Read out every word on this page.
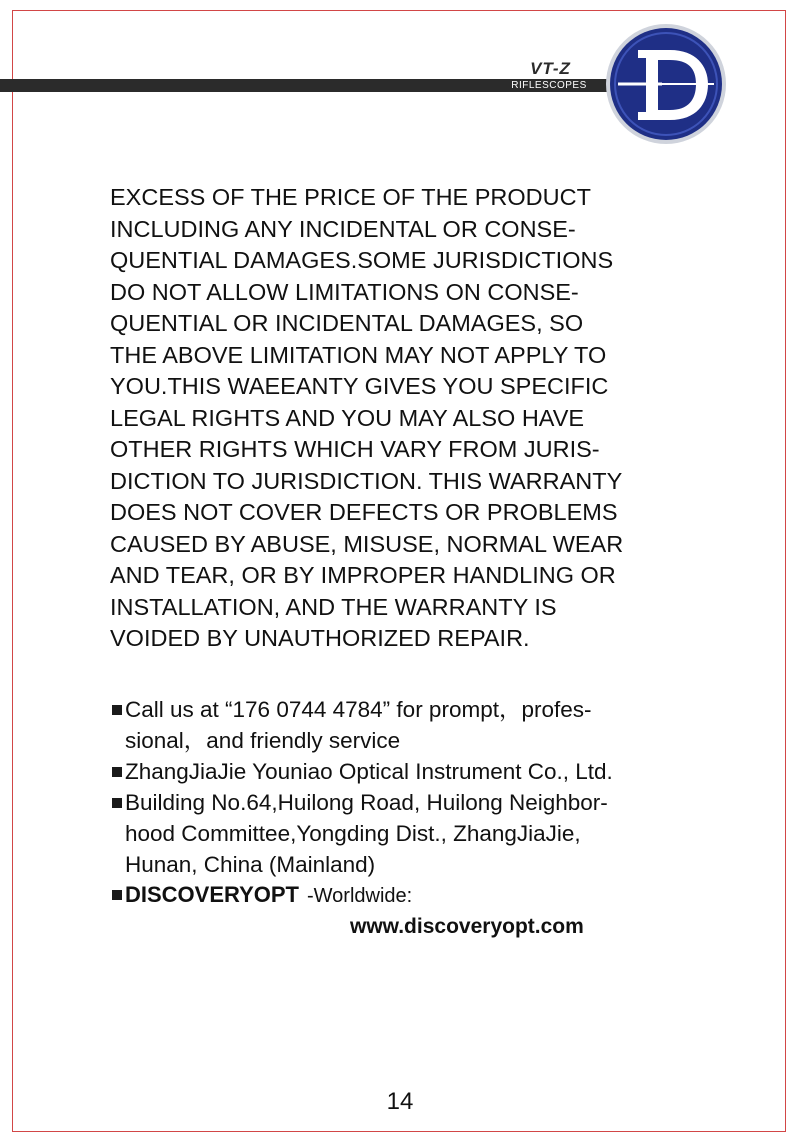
VT-Z
RIFLESCOPES
EXCESS OF THE PRICE OF THE PRODUCT
INCLUDING ANY INCIDENTAL OR CONSE-
QUENTIAL DAMAGES.SOME JURISDICTIONS
DO NOT ALLOW LIMITATIONS ON CONSE-
QUENTIAL OR INCIDENTAL DAMAGES, SO
THE ABOVE LIMITATION MAY NOT APPLY TO
YOU.THIS WAEEANTY GIVES YOU SPECIFIC
LEGAL RIGHTS AND YOU MAY ALSO HAVE
OTHER RIGHTS WHICH VARY FROM JURIS-
DICTION TO JURISDICTION. THIS WARRANTY
DOES NOT COVER DEFECTS OR PROBLEMS
CAUSED BY ABUSE, MISUSE, NORMAL WEAR
AND TEAR, OR BY IMPROPER HANDLING OR
INSTALLATION, AND THE WARRANTY IS
VOIDED BY UNAUTHORIZED REPAIR.
Call us at “176 0744 4784” for prompt，profes-
sional，and friendly service
ZhangJiaJie Youniao Optical Instrument Co., Ltd.
Building No.64,Huilong Road, Huilong Neighbor-
hood Committee,Yongding Dist., ZhangJiaJie,
Hunan, China (Mainland)
DISCOVERYOPT -Worldwide:
www.discoveryopt.com
14
